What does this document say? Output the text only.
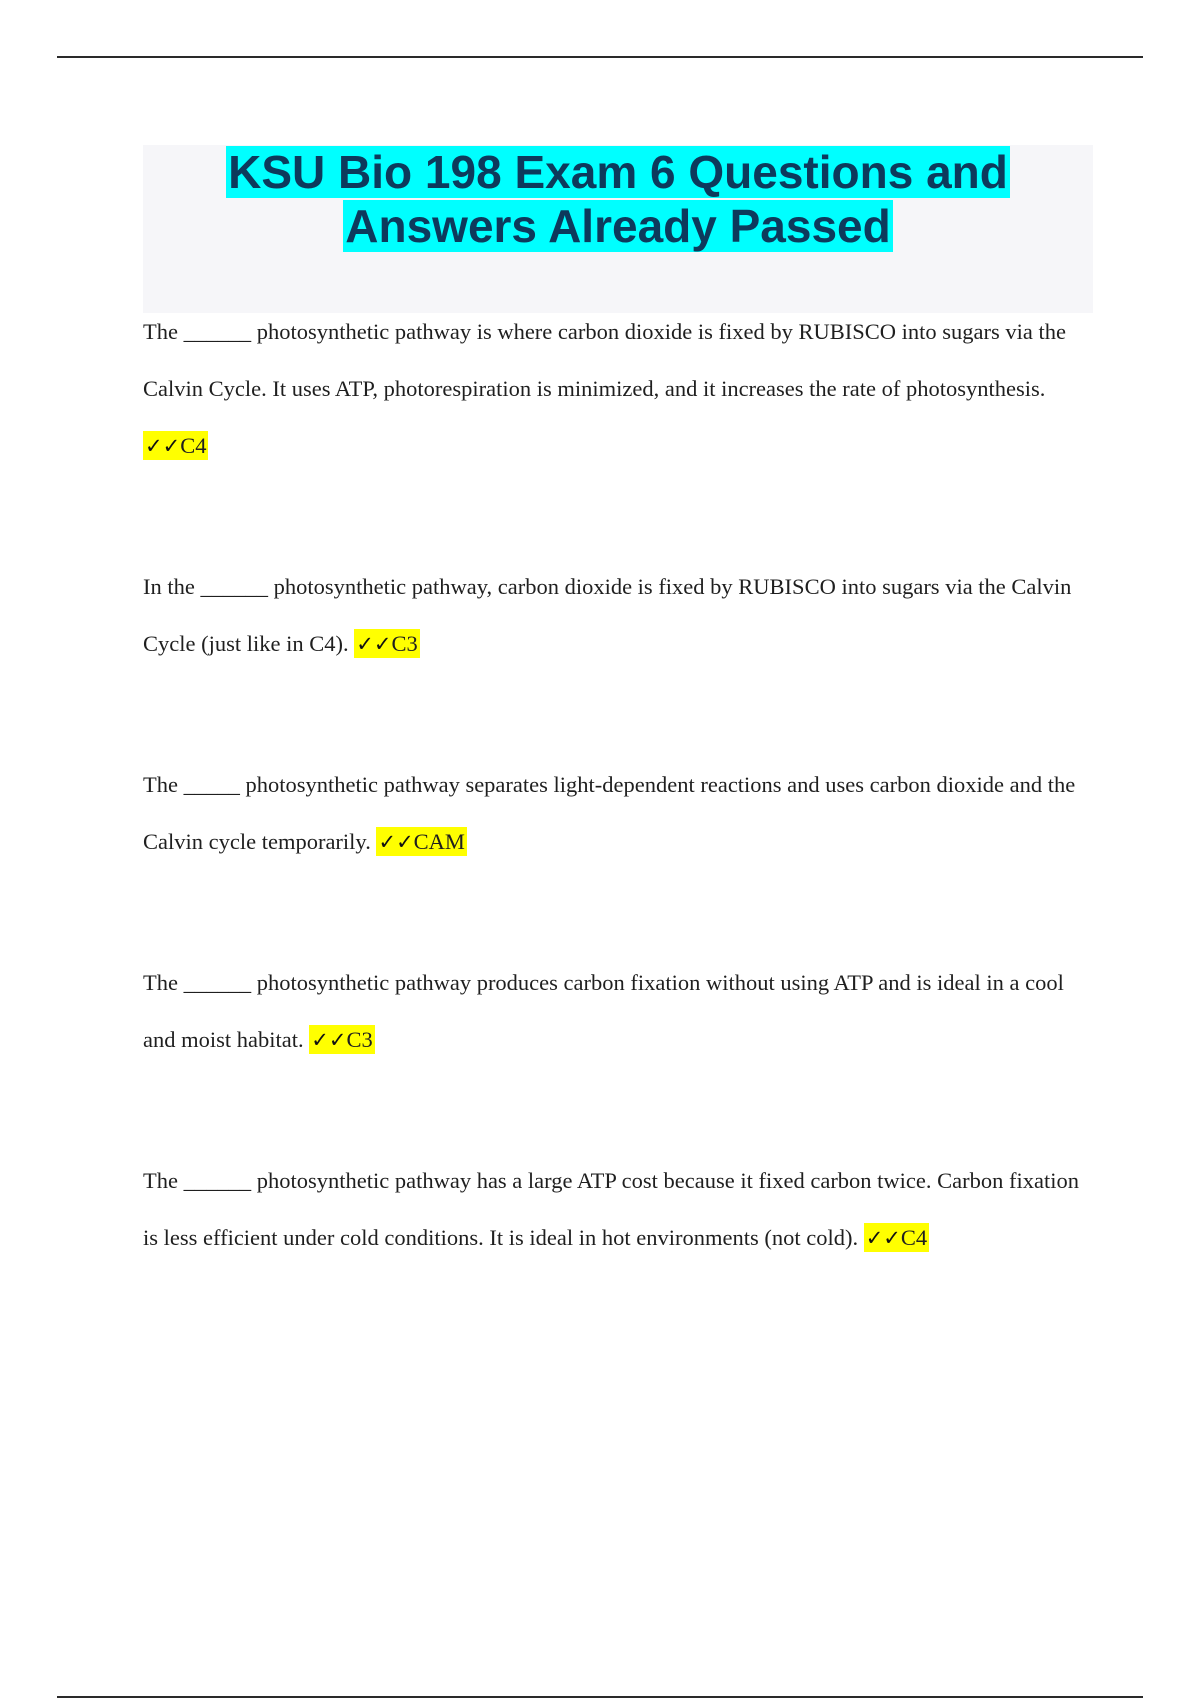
KSU Bio 198 Exam 6 Questions and Answers Already Passed

The ______ photosynthetic pathway is where carbon dioxide is fixed by RUBISCO into sugars via the Calvin Cycle. It uses ATP, photorespiration is minimized, and it increases the rate of photosynthesis. ✓✓C4

In the ______ photosynthetic pathway, carbon dioxide is fixed by RUBISCO into sugars via the Calvin Cycle (just like in C4). ✓✓C3

The _____ photosynthetic pathway separates light-dependent reactions and uses carbon dioxide and the Calvin cycle temporarily. ✓✓CAM

The ______ photosynthetic pathway produces carbon fixation without using ATP and is ideal in a cool and moist habitat. ✓✓C3

The ______ photosynthetic pathway has a large ATP cost because it fixed carbon twice. Carbon fixation is less efficient under cold conditions. It is ideal in hot environments (not cold). ✓✓C4
